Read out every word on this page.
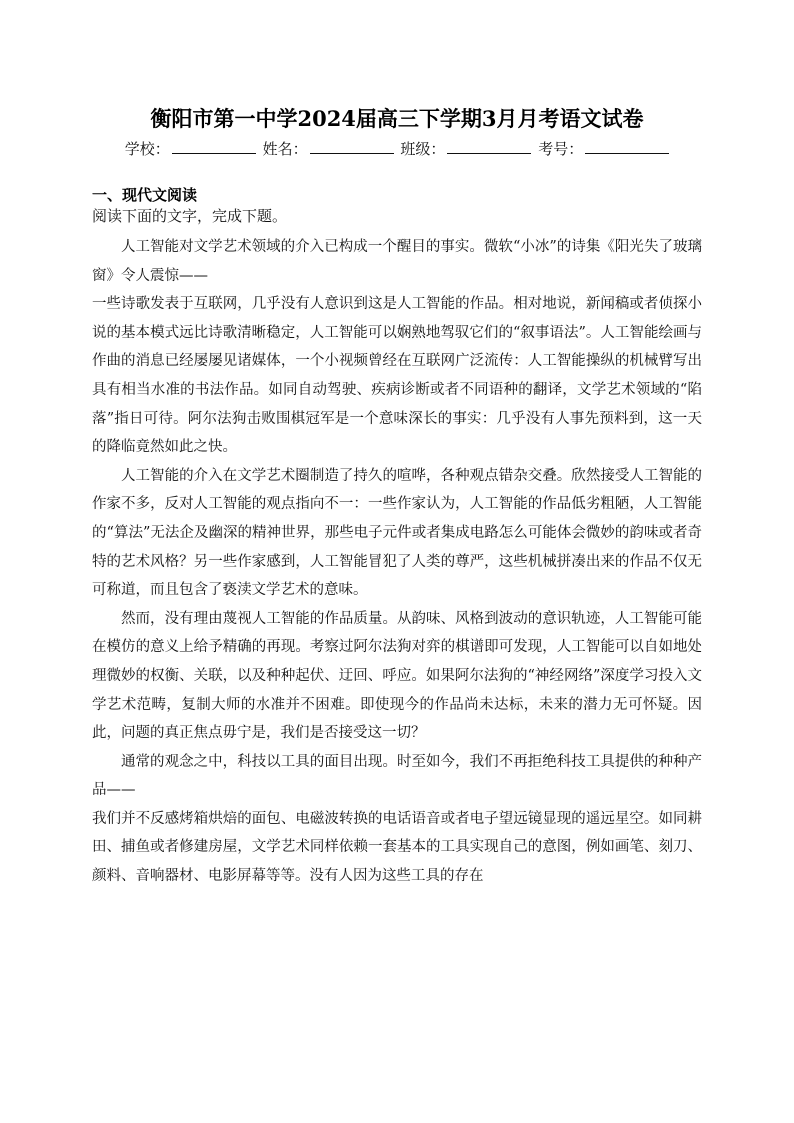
衡阳市第一中学2024届高三下学期3月月考语文试卷
学校：	姓名：	班级：	考号：
一、现代文阅读
阅读下面的文字，完成下题。

人工智能对文学艺术领域的介入已构成一个醒目的事实。微软“小冰”的诗集《阳光失了玻璃窗》令人震惊——

一些诗歌发表于互联网，几乎没有人意识到这是人工智能的作品。相对地说，新闻稿或者侦探小说的基本模式远比诗歌清晰稳定，人工智能可以娴熟地驾驭它们的“叙事语法”。人工智能绘画与作曲的消息已经屡屡见诸媒体，一个小视频曾经在互联网广泛流传：人工智能操纵的机械臂写出具有相当水准的书法作品。如同自动驾驶、疾病诊断或者不同语种的翻译，文学艺术领域的“陷落”指日可待。阿尔法狗击败围棋冠军是一个意味深长的事实：几乎没有人事先预料到，这一天的降临竟然如此之快。

人工智能的介入在文学艺术圈制造了持久的喧哗，各种观点错杂交叠。欣然接受人工智能的作家不多，反对人工智能的观点指向不一：一些作家认为，人工智能的作品低劣粗陋，人工智能的“算法”无法企及幽深的精神世界，那些电子元件或者集成电路怎么可能体会微妙的韵味或者奇特的艺术风格？另一些作家感到，人工智能冒犯了人类的尊严，这些机械拼凑出来的作品不仅无可称道，而且包含了亵渎文学艺术的意味。

然而，没有理由蔑视人工智能的作品质量。从韵味、风格到波动的意识轨迹，人工智能可能在模仿的意义上给予精确的再现。考察过阿尔法狗对弈的棋谱即可发现，人工智能可以自如地处理微妙的权衡、关联，以及种种起伏、迂回、呼应。如果阿尔法狗的“神经网络”深度学习投入文学艺术范畴，复制大师的水准并不困难。即使现今的作品尚未达标，未来的潜力无可怀疑。因此，问题的真正焦点毋宁是，我们是否接受这一切？

通常的观念之中，科技以工具的面目出现。时至如今，我们不再拒绝科技工具提供的种种产品——

我们并不反感烤箱烘焙的面包、电磁波转换的电话语音或者电子望远镜显现的遥远星空。如同耕田、捕鱼或者修建房屋，文学艺术同样依赖一套基本的工具实现自己的意图，例如画笔、刻刀、颜料、音响器材、电影屏幕等等。没有人因为这些工具的存在
